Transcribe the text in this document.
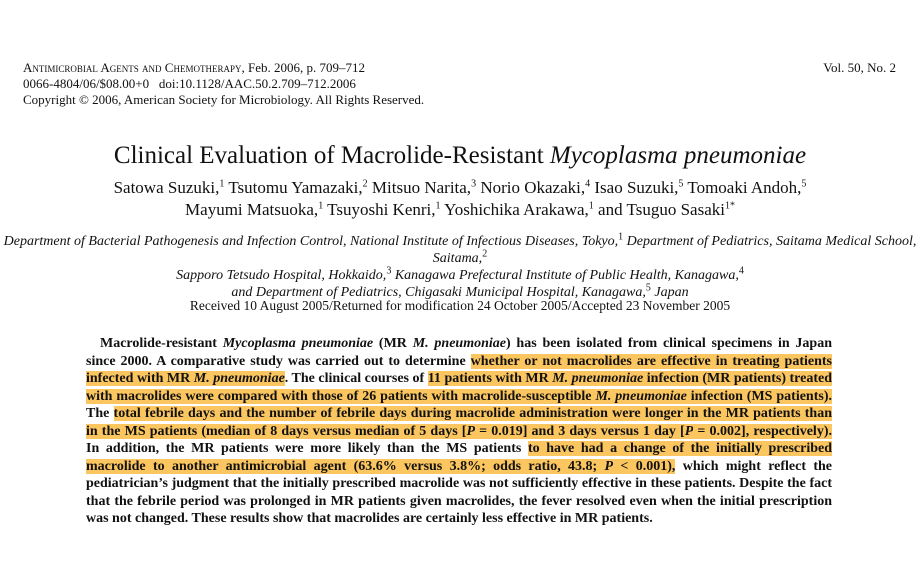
Antimicrobial Agents and Chemotherapy, Feb. 2006, p. 709–712
0066-4804/06/$08.00+0   doi:10.1128/AAC.50.2.709–712.2006
Copyright © 2006, American Society for Microbiology. All Rights Reserved.
Vol. 50, No. 2
Clinical Evaluation of Macrolide-Resistant Mycoplasma pneumoniae
Satowa Suzuki,$^1$ Tsutomu Yamazaki,$^2$ Mitsuo Narita,$^3$ Norio Okazaki,$^4$ Isao Suzuki,$^5$ Tomoaki Andoh,$^5$
Mayumi Matsuoka,$^1$ Tsuyoshi Kenri,$^1$ Yoshichika Arakawa,$^1$ and Tsuguo Sasaki$^{1*}$
Department of Bacterial Pathogenesis and Infection Control, National Institute of Infectious Diseases, Tokyo,$^1$ Department of Pediatrics, Saitama Medical School, Saitama,$^2$
Sapporo Tetsudo Hospital, Hokkaido,$^3$ Kanagawa Prefectural Institute of Public Health, Kanagawa,$^4$
and Department of Pediatrics, Chigasaki Municipal Hospital, Kanagawa,$^5$ Japan
Received 10 August 2005/Returned for modification 24 October 2005/Accepted 23 November 2005
Macrolide-resistant Mycoplasma pneumoniae (MR M. pneumoniae) has been isolated from clinical specimens in Japan since 2000. A comparative study was carried out to determine whether or not macrolides are effective in treating patients infected with MR M. pneumoniae. The clinical courses of 11 patients with MR M. pneumoniae infection (MR patients) treated with macrolides were compared with those of 26 patients with macrolide-susceptible M. pneumoniae infection (MS patients). The total febrile days and the number of febrile days during macrolide administration were longer in the MR patients than in the MS patients (median of 8 days versus median of 5 days [P = 0.019] and 3 days versus 1 day [P = 0.002], respectively). In addition, the MR patients were more likely than the MS patients to have had a change of the initially prescribed macrolide to another antimicrobial agent (63.6% versus 3.8%; odds ratio, 43.8; P < 0.001), which might reflect the pediatrician’s judgment that the initially prescribed macrolide was not sufficiently effective in these patients. Despite the fact that the febrile period was prolonged in MR patients given macrolides, the fever resolved even when the initial prescription was not changed. These results show that macrolides are certainly less effective in MR patients.
